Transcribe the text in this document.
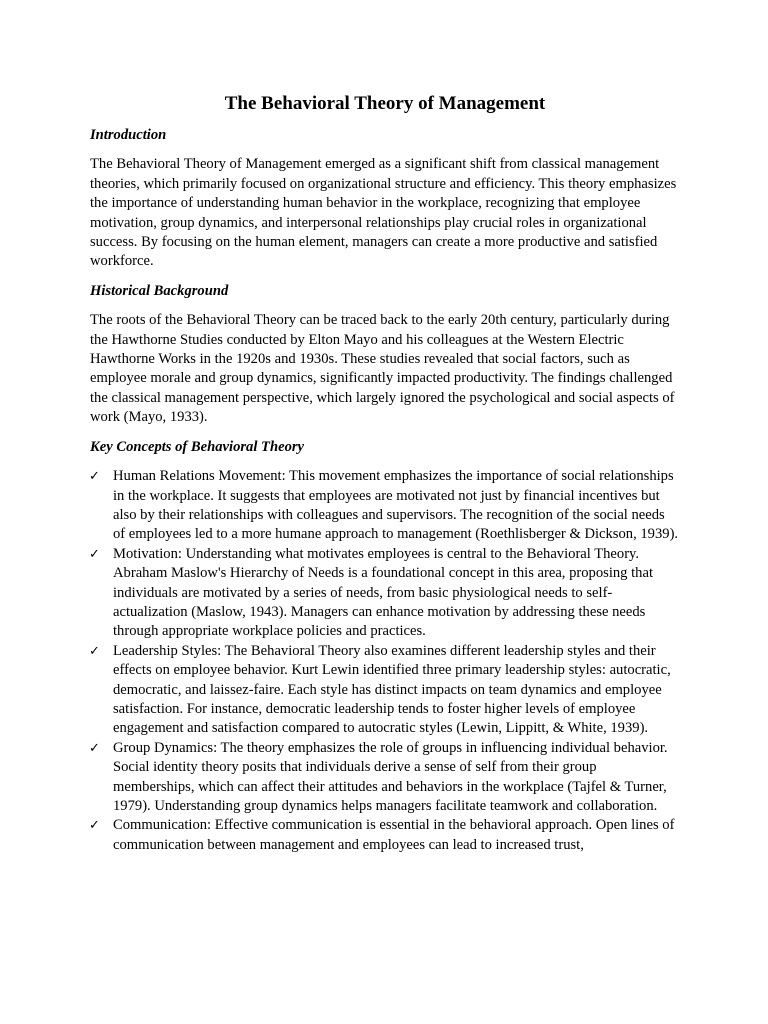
The Behavioral Theory of Management
Introduction
The Behavioral Theory of Management emerged as a significant shift from classical management theories, which primarily focused on organizational structure and efficiency. This theory emphasizes the importance of understanding human behavior in the workplace, recognizing that employee motivation, group dynamics, and interpersonal relationships play crucial roles in organizational success. By focusing on the human element, managers can create a more productive and satisfied workforce.
Historical Background
The roots of the Behavioral Theory can be traced back to the early 20th century, particularly during the Hawthorne Studies conducted by Elton Mayo and his colleagues at the Western Electric Hawthorne Works in the 1920s and 1930s. These studies revealed that social factors, such as employee morale and group dynamics, significantly impacted productivity. The findings challenged the classical management perspective, which largely ignored the psychological and social aspects of work (Mayo, 1933).
Key Concepts of Behavioral Theory
✓ Human Relations Movement: This movement emphasizes the importance of social relationships in the workplace. It suggests that employees are motivated not just by financial incentives but also by their relationships with colleagues and supervisors. The recognition of the social needs of employees led to a more humane approach to management (Roethlisberger & Dickson, 1939).
✓ Motivation: Understanding what motivates employees is central to the Behavioral Theory. Abraham Maslow's Hierarchy of Needs is a foundational concept in this area, proposing that individuals are motivated by a series of needs, from basic physiological needs to self-actualization (Maslow, 1943). Managers can enhance motivation by addressing these needs through appropriate workplace policies and practices.
✓ Leadership Styles: The Behavioral Theory also examines different leadership styles and their effects on employee behavior. Kurt Lewin identified three primary leadership styles: autocratic, democratic, and laissez-faire. Each style has distinct impacts on team dynamics and employee satisfaction. For instance, democratic leadership tends to foster higher levels of employee engagement and satisfaction compared to autocratic styles (Lewin, Lippitt, & White, 1939).
✓ Group Dynamics: The theory emphasizes the role of groups in influencing individual behavior. Social identity theory posits that individuals derive a sense of self from their group memberships, which can affect their attitudes and behaviors in the workplace (Tajfel & Turner, 1979). Understanding group dynamics helps managers facilitate teamwork and collaboration.
✓ Communication: Effective communication is essential in the behavioral approach. Open lines of communication between management and employees can lead to increased trust,
